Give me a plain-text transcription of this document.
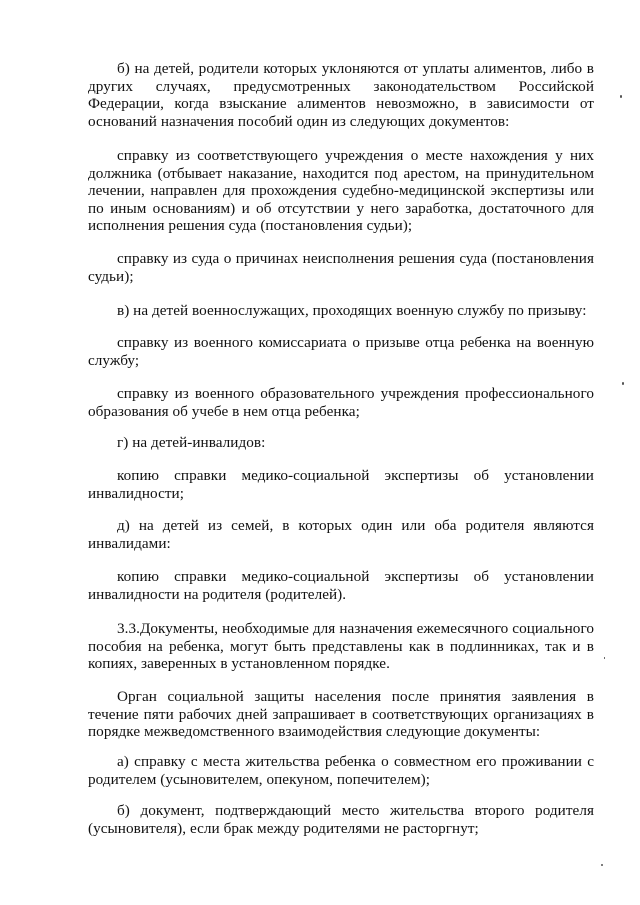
б) на детей, родители которых уклоняются от уплаты алиментов, либо в других случаях, предусмотренных законодательством Российской Федерации, когда взыскание алиментов невозможно, в зависимости от оснований назначения пособий один из следующих документов:

справку из соответствующего учреждения о месте нахождения у них должника (отбывает наказание, находится под арестом, на принудительном лечении, направлен для прохождения судебно-медицинской экспертизы или по иным основаниям) и об отсутствии у него заработка, достаточного для исполнения решения суда (постановления судьи);

справку из суда о причинах неисполнения решения суда (постановления судьи);

в) на детей военнослужащих, проходящих военную службу по призыву:

справку из военного комиссариата о призыве отца ребенка на военную службу;

справку из военного образовательного учреждения профессионального образования об учебе в нем отца ребенка;

г) на детей-инвалидов:

копию справки медико-социальной экспертизы об установлении инвалидности;

д) на детей из семей, в которых один или оба родителя являются инвалидами:

копию справки медико-социальной экспертизы об установлении инвалидности на родителя (родителей).

3.3.Документы, необходимые для назначения ежемесячного социального пособия на ребенка, могут быть представлены как в подлинниках, так и в копиях, заверенных в установленном порядке.

Орган социальной защиты населения после принятия заявления в течение пяти рабочих дней запрашивает в соответствующих организациях в порядке межведомственного взаимодействия следующие документы:

а) справку с места жительства ребенка о совместном его проживании с родителем (усыновителем, опекуном, попечителем);

б) документ, подтверждающий место жительства второго родителя (усыновителя), если брак между родителями не расторгнут;
